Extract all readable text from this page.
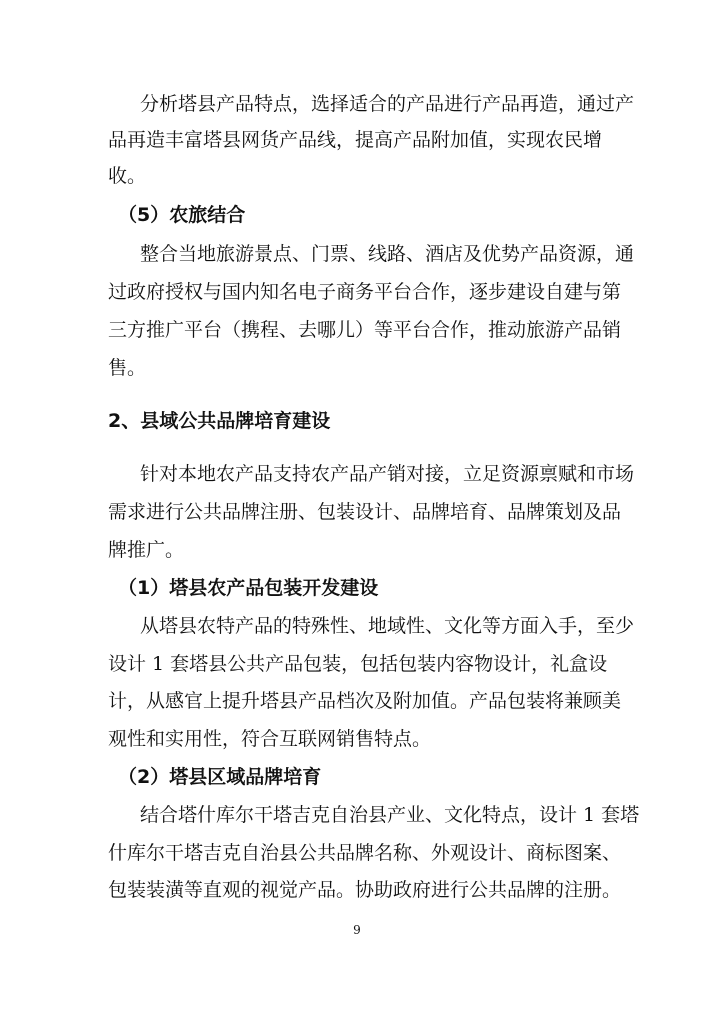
分析塔县产品特点，选择适合的产品进行产品再造，通过产
品再造丰富塔县网货产品线，提高产品附加值，实现农民增
收。
（5）农旅结合
整合当地旅游景点、门票、线路、酒店及优势产品资源，通
过政府授权与国内知名电子商务平台合作，逐步建设自建与第
三方推广平台（携程、去哪儿）等平台合作，推动旅游产品销
售。
2、县域公共品牌培育建设
针对本地农产品支持农产品产销对接，立足资源禀赋和市场
需求进行公共品牌注册、包装设计、品牌培育、品牌策划及品
牌推广。
（1）塔县农产品包装开发建设
从塔县农特产品的特殊性、地域性、文化等方面入手，至少
设计 1 套塔县公共产品包装，包括包装内容物设计，礼盒设
计，从感官上提升塔县产品档次及附加值。产品包装将兼顾美
观性和实用性，符合互联网销售特点。
（2）塔县区域品牌培育
结合塔什库尔干塔吉克自治县产业、文化特点，设计 1 套塔
什库尔干塔吉克自治县公共品牌名称、外观设计、商标图案、
包装装潢等直观的视觉产品。协助政府进行公共品牌的注册。
9
